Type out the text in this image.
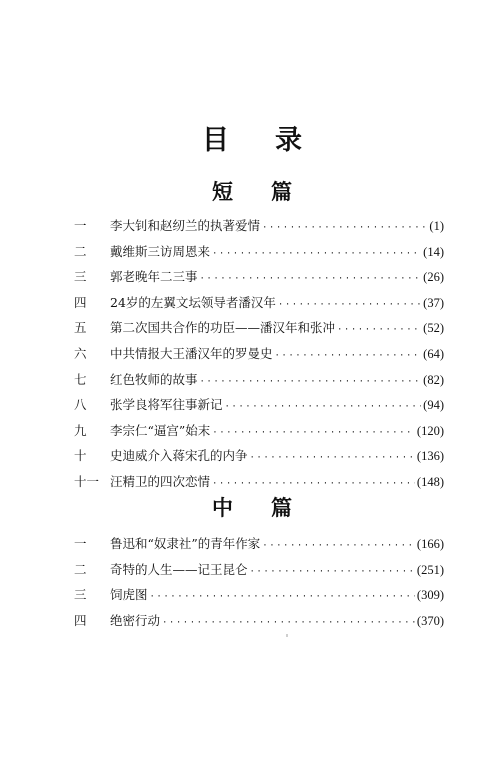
目 录
短 篇
一	李大钊和赵纫兰的执著爱情 ·····	(1)
二	戴维斯三访周恩来 ·····	(14)
三	郭老晚年二三事 ·····	(26)
四	24岁的左翼文坛领导者潘汉年 ·····	(37)
五	第二次国共合作的功臣——潘汉年和张冲 ·····	(52)
六	中共情报大王潘汉年的罗曼史 ·····	(64)
七	红色牧师的故事 ·····	(82)
八	张学良将军往事新记 ·····	(94)
九	李宗仁“逼宫”始末 ·····	(120)
十	史迪威介入蒋宋孔的内争 ·····	(136)
十一 汪精卫的四次恋情 ·····	(148)
中 篇
一	鲁迅和“奴隶社”的青年作家 ·····	(166)
二	奇特的人生——记王昆仑 ·····	(251)
三	饲虎图 ·····	(309)
四	绝密行动 ·····	(370)
